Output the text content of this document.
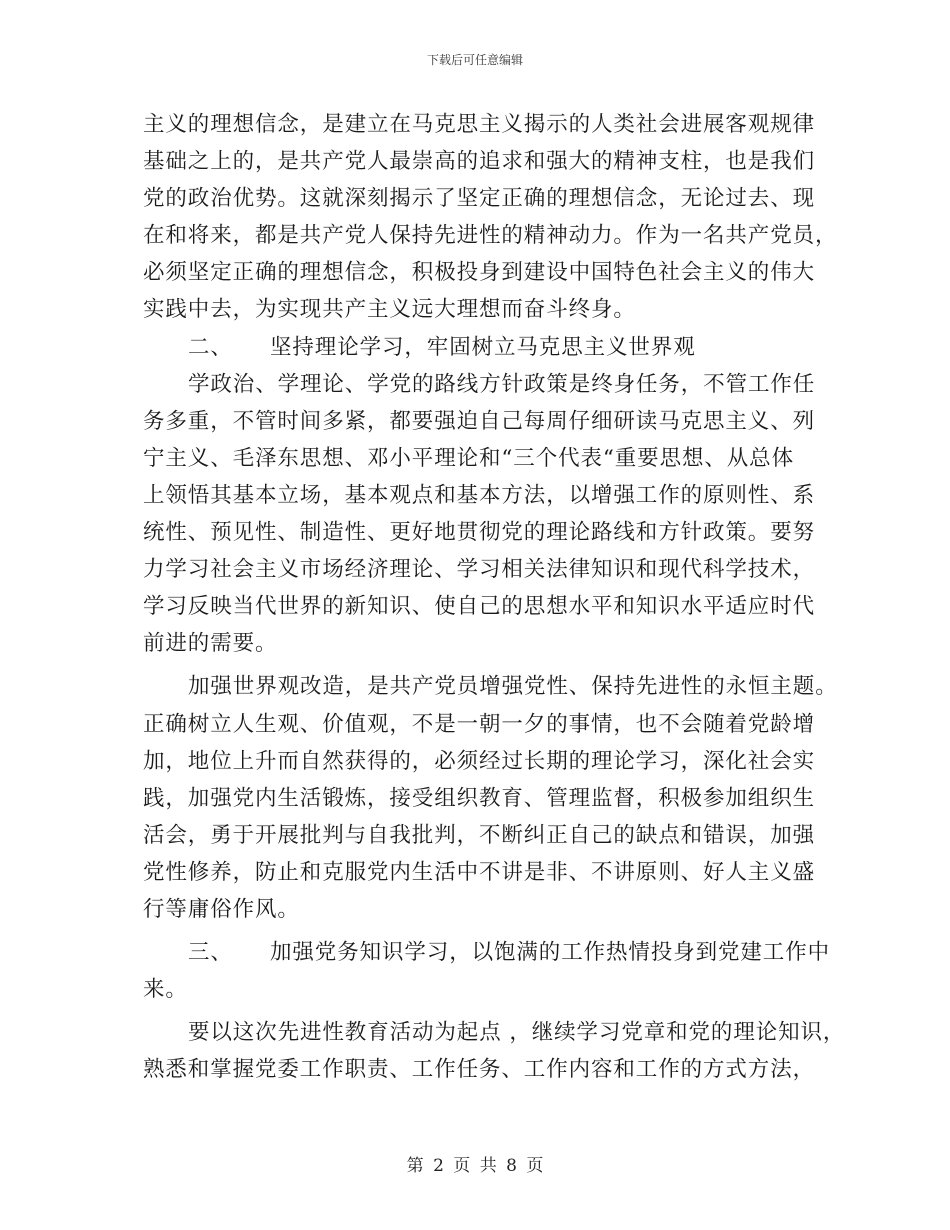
下载后可任意编辑
主义的理想信念，是建立在马克思主义揭示的人类社会进展客观规律
基础之上的，是共产党人最崇高的追求和强大的精神支柱，也是我们
党的政治优势。这就深刻揭示了坚定正确的理想信念，无论过去、现
在和将来，都是共产党人保持先进性的精神动力。作为一名共产党员，
必须坚定正确的理想信念，积极投身到建设中国特色社会主义的伟大
实践中去，为实现共产主义远大理想而奋斗终身。
二、 坚持理论学习，牢固树立马克思主义世界观
学政治、学理论、学党的路线方针政策是终身任务，不管工作任
务多重，不管时间多紧，都要强迫自己每周仔细研读马克思主义、列
宁主义、毛泽东思想、邓小平理论和“三个代表“重要思想、从总体
上领悟其基本立场，基本观点和基本方法，以增强工作的原则性、系
统性、预见性、制造性、更好地贯彻党的理论路线和方针政策。要努
力学习社会主义市场经济理论、学习相关法律知识和现代科学技术，
学习反映当代世界的新知识、使自己的思想水平和知识水平适应时代
前进的需要。
加强世界观改造，是共产党员增强党性、保持先进性的永恒主题。
正确树立人生观、价值观，不是一朝一夕的事情，也不会随着党龄增
加，地位上升而自然获得的，必须经过长期的理论学习，深化社会实
践，加强党内生活锻炼，接受组织教育、管理监督，积极参加组织生
活会，勇于开展批判与自我批判，不断纠正自己的缺点和错误，加强
党性修养，防止和克服党内生活中不讲是非、不讲原则、好人主义盛
行等庸俗作风。
三、 加强党务知识学习，以饱满的工作热情投身到党建工作中
来。
要以这次先进性教育活动为起点 ，继续学习党章和党的理论知识，
熟悉和掌握党委工作职责、工作任务、工作内容和工作的方式方法，
第 2 页 共 8 页
